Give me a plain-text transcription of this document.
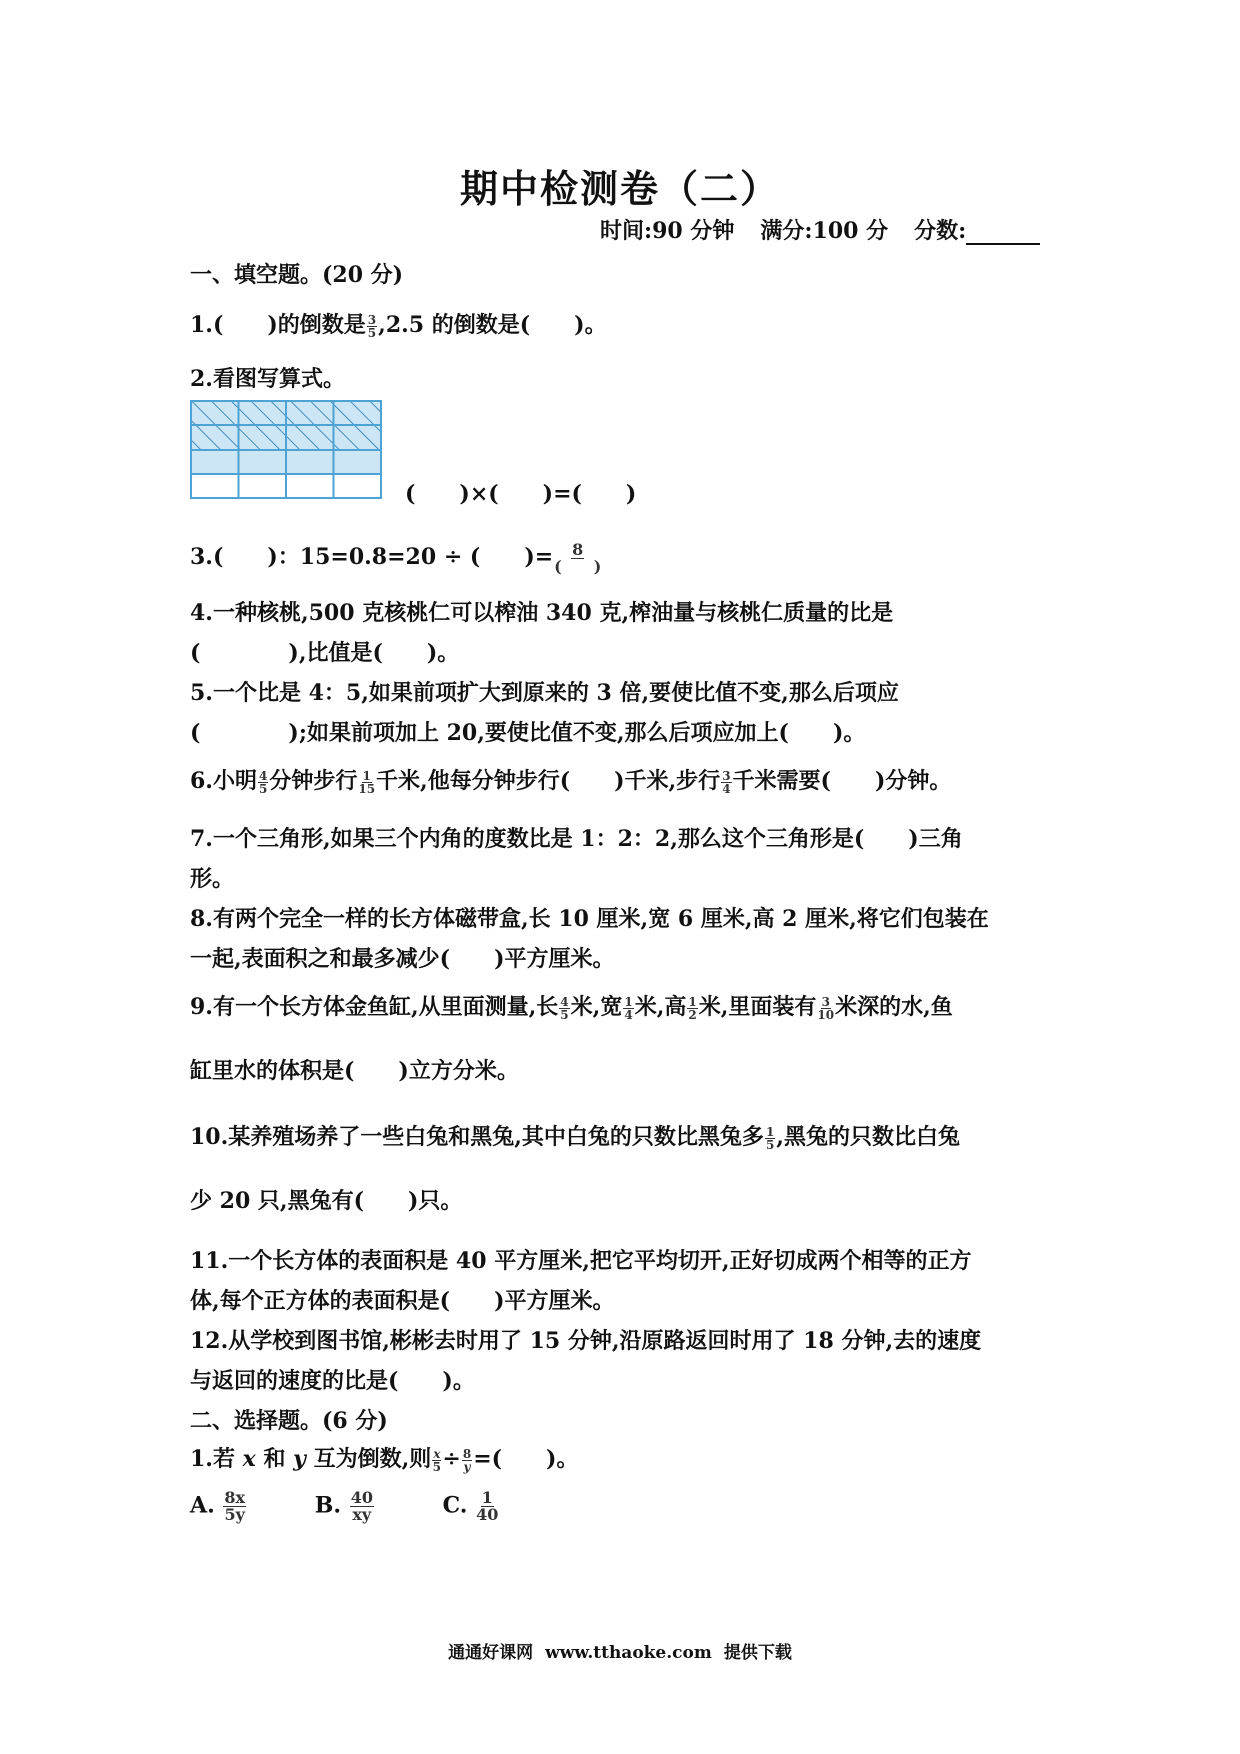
期中检测卷（二）
时间:90 分钟 满分:100 分 分数:
一、填空题。(20 分)
1.(　　)的倒数是 $\frac{3}{5} ,2.5$ 的倒数是(　　)。
2.看图写算式。
(　　)×(　　)=(　　)
3.(　　)：15=0.8=20 ÷ (　　)= $\frac{8}{( )}$
4.一种核桃,500 克核桃仁可以榨油 340 克,榨油量与核桃仁质量的比是
(　　　　),比值是(　　)。
5.一个比是 4：5,如果前项扩大到原来的 3 倍,要使比值不变,那么后项应
(　　　　);如果前项加上 20,要使比值不变,那么后项应加上(　　)。
6.小明 $\frac{4}{5}$ 分钟步行 $\frac{1}{15}$ 千米,他每分钟步行(　　)千米,步行 $\frac{3}{4}$ 千米需要(　　)分钟。
7.一个三角形,如果三个内角的度数比是 1：2：2,那么这个三角形是(　　)三角
形。
8.有两个完全一样的长方体磁带盒,长 10 厘米,宽 6 厘米,高 2 厘米,将它们包装在
一起,表面积之和最多减少(　　)平方厘米。
9.有一个长方体金鱼缸,从里面测量,长 $\frac{4}{5}$ 米,宽 $\frac{1}{4}$ 米,高 $\frac{1}{2}$ 米,里面装有 $\frac{3}{10}$ 米深的水,鱼
缸里水的体积是(　　)立方分米。
10.某养殖场养了一些白兔和黑兔,其中白兔的只数比黑兔多 $\frac{1}{5}$ ,黑兔的只数比白兔
少 20 只,黑兔有(　　)只。
11.一个长方体的表面积是 40 平方厘米,把它平均切开,正好切成两个相等的正方
体,每个正方体的表面积是(　　)平方厘米。
12.从学校到图书馆,彬彬去时用了 15 分钟,沿原路返回时用了 18 分钟,去的速度
与返回的速度的比是(　　)。
二、选择题。(6 分)
1.若 x 和 y 互为倒数,则 $\frac{x}{5} \div \frac{8}{y}$ =(　　)。
A. $\frac{8x}{5y}$	B. $\frac{40}{xy}$	C. $\frac{1}{40}$
通通好课网 www.tthaoke.com 提供下载
